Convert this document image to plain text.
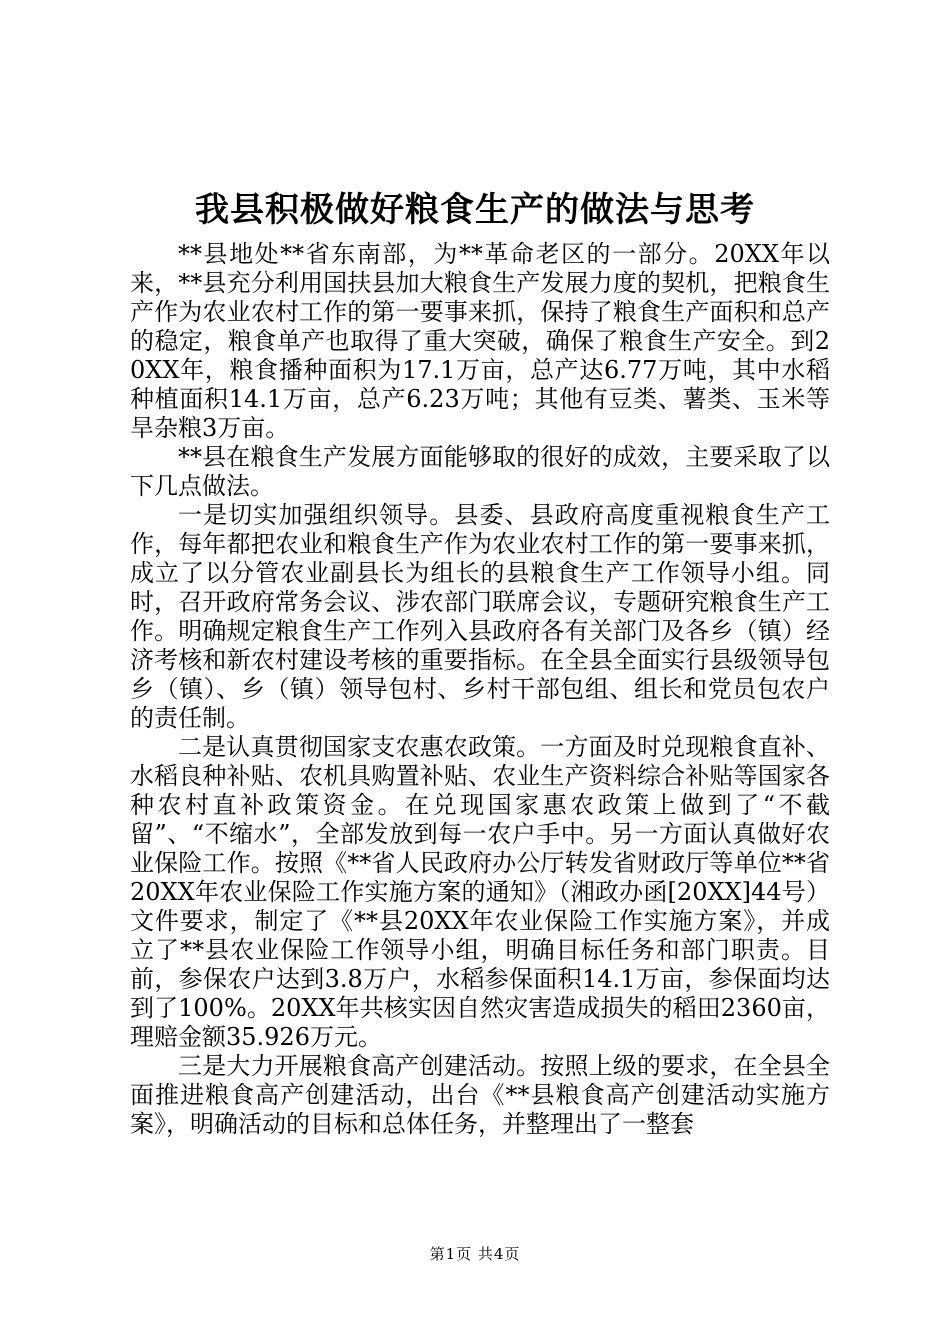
我县积极做好粮食生产的做法与思考

**县地处**省东南部，为**革命老区的一部分。20XX年以来，**县充分利用国扶县加大粮食生产发展力度的契机，把粮食生产作为农业农村工作的第一要事来抓，保持了粮食生产面积和总产的稳定，粮食单产也取得了重大突破，确保了粮食生产安全。到20XX年，粮食播种面积为17.1万亩，总产达6.77万吨，其中水稻种植面积14.1万亩，总产6.23万吨；其他有豆类、薯类、玉米等旱杂粮3万亩。

**县在粮食生产发展方面能够取的很好的成效，主要采取了以下几点做法。

一是切实加强组织领导。县委、县政府高度重视粮食生产工作，每年都把农业和粮食生产作为农业农村工作的第一要事来抓，成立了以分管农业副县长为组长的县粮食生产工作领导小组。同时，召开政府常务会议、涉农部门联席会议，专题研究粮食生产工作。明确规定粮食生产工作列入县政府各有关部门及各乡（镇）经济考核和新农村建设考核的重要指标。在全县全面实行县级领导包乡（镇）、乡（镇）领导包村、乡村干部包组、组长和党员包农户的责任制。

二是认真贯彻国家支农惠农政策。一方面及时兑现粮食直补、水稻良种补贴、农机具购置补贴、农业生产资料综合补贴等国家各种农村直补政策资金。在兑现国家惠农政策上做到了“不截留”、“不缩水”，全部发放到每一农户手中。另一方面认真做好农业保险工作。按照《**省人民政府办公厅转发省财政厅等单位**省20XX年农业保险工作实施方案的通知》（湘政办函[20XX]44号）文件要求，制定了《**县20XX年农业保险工作实施方案》，并成立了**县农业保险工作领导小组，明确目标任务和部门职责。目前，参保农户达到3.8万户，水稻参保面积14.1万亩，参保面均达到了100%。20XX年共核实因自然灾害造成损失的稻田2360亩，理赔金额35.926万元。

三是大力开展粮食高产创建活动。按照上级的要求，在全县全面推进粮食高产创建活动，出台《**县粮食高产创建活动实施方案》，明确活动的目标和总体任务，并整理出了一整套

第1页 共4页
